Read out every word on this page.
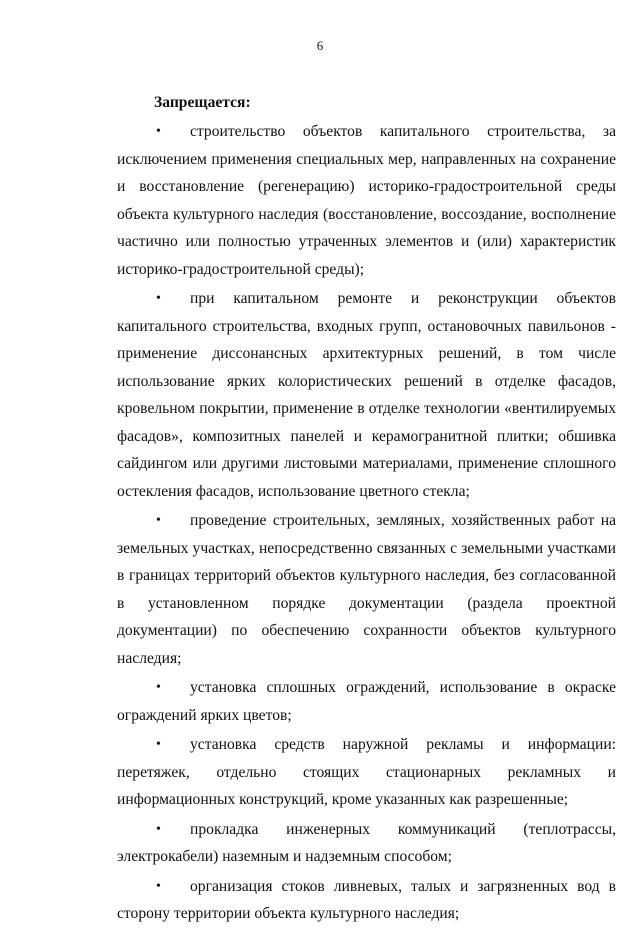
6
Запрещается:
• строительство объектов капитального строительства, за исключением применения специальных мер, направленных на сохранение и восстановление (регенерацию) историко-градостроительной среды объекта культурного наследия (восстановление, воссоздание, восполнение частично или полностью утраченных элементов и (или) характеристик историко-градостроительной среды);
• при капитальном ремонте и реконструкции объектов капитального строительства, входных групп, остановочных павильонов - применение диссонансных архитектурных решений, в том числе использование ярких колористических решений в отделке фасадов, кровельном покрытии, применение в отделке технологии «вентилируемых фасадов», композитных панелей и керамогранитной плитки; обшивка сайдингом или другими листовыми материалами, применение сплошного остекления фасадов, использование цветного стекла;
• проведение строительных, земляных, хозяйственных работ на земельных участках, непосредственно связанных с земельными участками в границах территорий объектов культурного наследия, без согласованной в установленном порядке документации (раздела проектной документации) по обеспечению сохранности объектов культурного наследия;
• установка сплошных ограждений, использование в окраске ограждений ярких цветов;
• установка средств наружной рекламы и информации: перетяжек, отдельно стоящих стационарных рекламных и информационных конструкций, кроме указанных как разрешенные;
• прокладка инженерных коммуникаций (теплотрассы, электрокабели) наземным и надземным способом;
• организация стоков ливневых, талых и загрязненных вод в сторону территории объекта культурного наследия;
